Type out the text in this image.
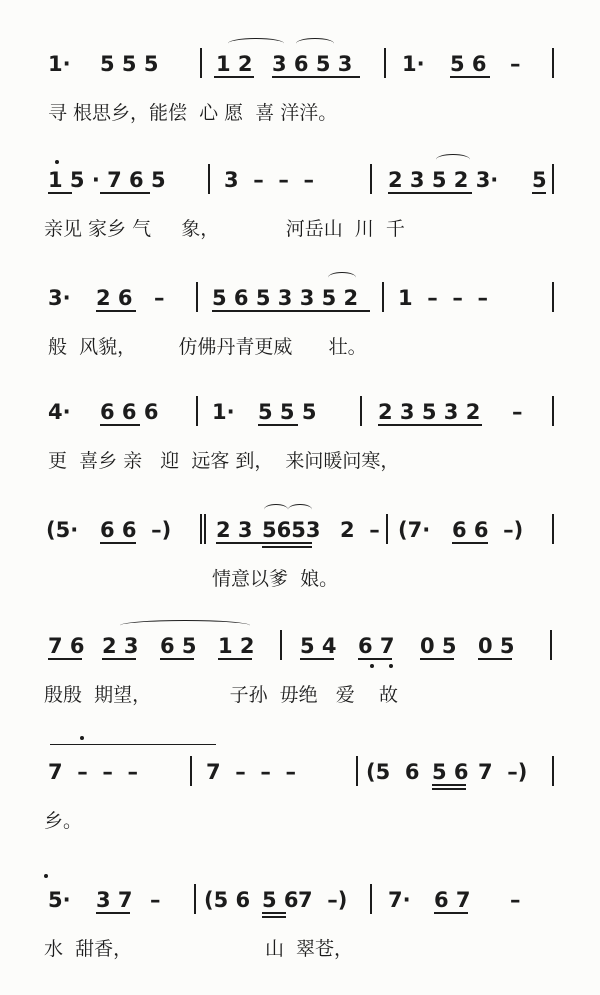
1· 5 5 5	1 2 3 6 5 3 1· 5 6 –
寻 根思乡，能偿  心 愿  喜 洋洋。
1 5 · 7 6 5	3  –  –  –	2 3 5 2 3· 5
亲见 家乡 气     象，           河岳山  川  千
3· 2 6 – 5 6 5 3 3 5 2 1  –  –  –
般  风貌，       仿佛丹青更威      壮。
4· 6 6 6	1· 5 5 5	2 3 5 3 2 –
更  喜乡 亲   迎  远客 到，  来问暖问寒，
(5· 6 6  –) 2 3 5653 2  – (7· 6 6  –)
情意以爹  娘。
7 6 2 3 6 5 1 2 5 4 6 7 0 5 0 5
殷殷  期望，             子孙  毋绝   爱    故
7  –  –  –	7  –  –  –	(5  6 5 6 7  –)
乡。
5· 3 7 – (5 6 5 6 7  –) 7· 6 7 –
水  甜香，                      山  翠苍，
